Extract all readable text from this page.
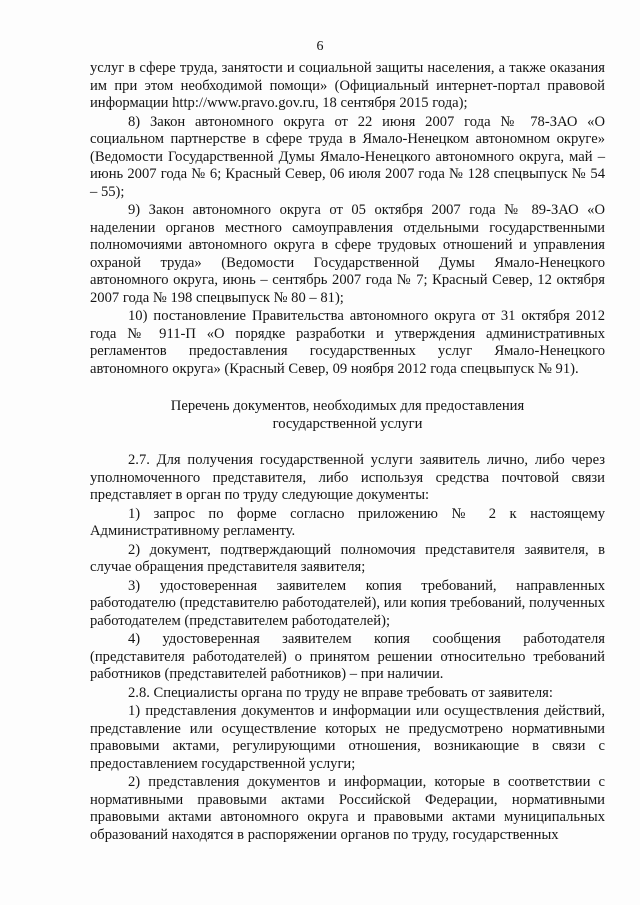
6

услуг в сфере труда, занятости и социальной защиты населения, а также оказания им при этом необходимой помощи» (Официальный интернет-портал правовой информации http://www.pravo.gov.ru, 18 сентября 2015 года);

8) Закон автономного округа от 22 июня 2007 года № 78-ЗАО «О социальном партнерстве в сфере труда в Ямало-Ненецком автономном округе» (Ведомости Государственной Думы Ямало-Ненецкого автономного округа, май – июнь 2007 года № 6; Красный Север, 06 июля 2007 года № 128 спецвыпуск № 54 – 55);

9) Закон автономного округа от 05 октября 2007 года № 89-ЗАО «О наделении органов местного самоуправления отдельными государственными полномочиями автономного округа в сфере трудовых отношений и управления охраной труда» (Ведомости Государственной Думы Ямало-Ненецкого автономного округа, июнь – сентябрь 2007 года № 7; Красный Север, 12 октября 2007 года № 198 спецвыпуск № 80 – 81);

10) постановление Правительства автономного округа от 31 октября 2012 года № 911-П «О порядке разработки и утверждения административных регламентов предоставления государственных услуг Ямало-Ненецкого автономного округа» (Красный Север, 09 ноября 2012 года спецвыпуск № 91).

Перечень документов, необходимых для предоставления
государственной услуги

2.7. Для получения государственной услуги заявитель лично, либо через уполномоченного представителя, либо используя средства почтовой связи представляет в орган по труду следующие документы:

1) запрос по форме согласно приложению № 2 к настоящему Административному регламенту.

2) документ, подтверждающий полномочия представителя заявителя, в случае обращения представителя заявителя;

3) удостоверенная заявителем копия требований, направленных работодателю (представителю работодателей), или копия требований, полученных работодателем (представителем работодателей);

4) удостоверенная заявителем копия сообщения работодателя (представителя работодателей) о принятом решении относительно требований работников (представителей работников) – при наличии.

2.8. Специалисты органа по труду не вправе требовать от заявителя:

1) представления документов и информации или осуществления действий, представление или осуществление которых не предусмотрено нормативными правовыми актами, регулирующими отношения, возникающие в связи с предоставлением государственной услуги;

2) представления документов и информации, которые в соответствии с нормативными правовыми актами Российской Федерации, нормативными правовыми актами автономного округа и правовыми актами муниципальных образований находятся в распоряжении органов по труду, государственных
